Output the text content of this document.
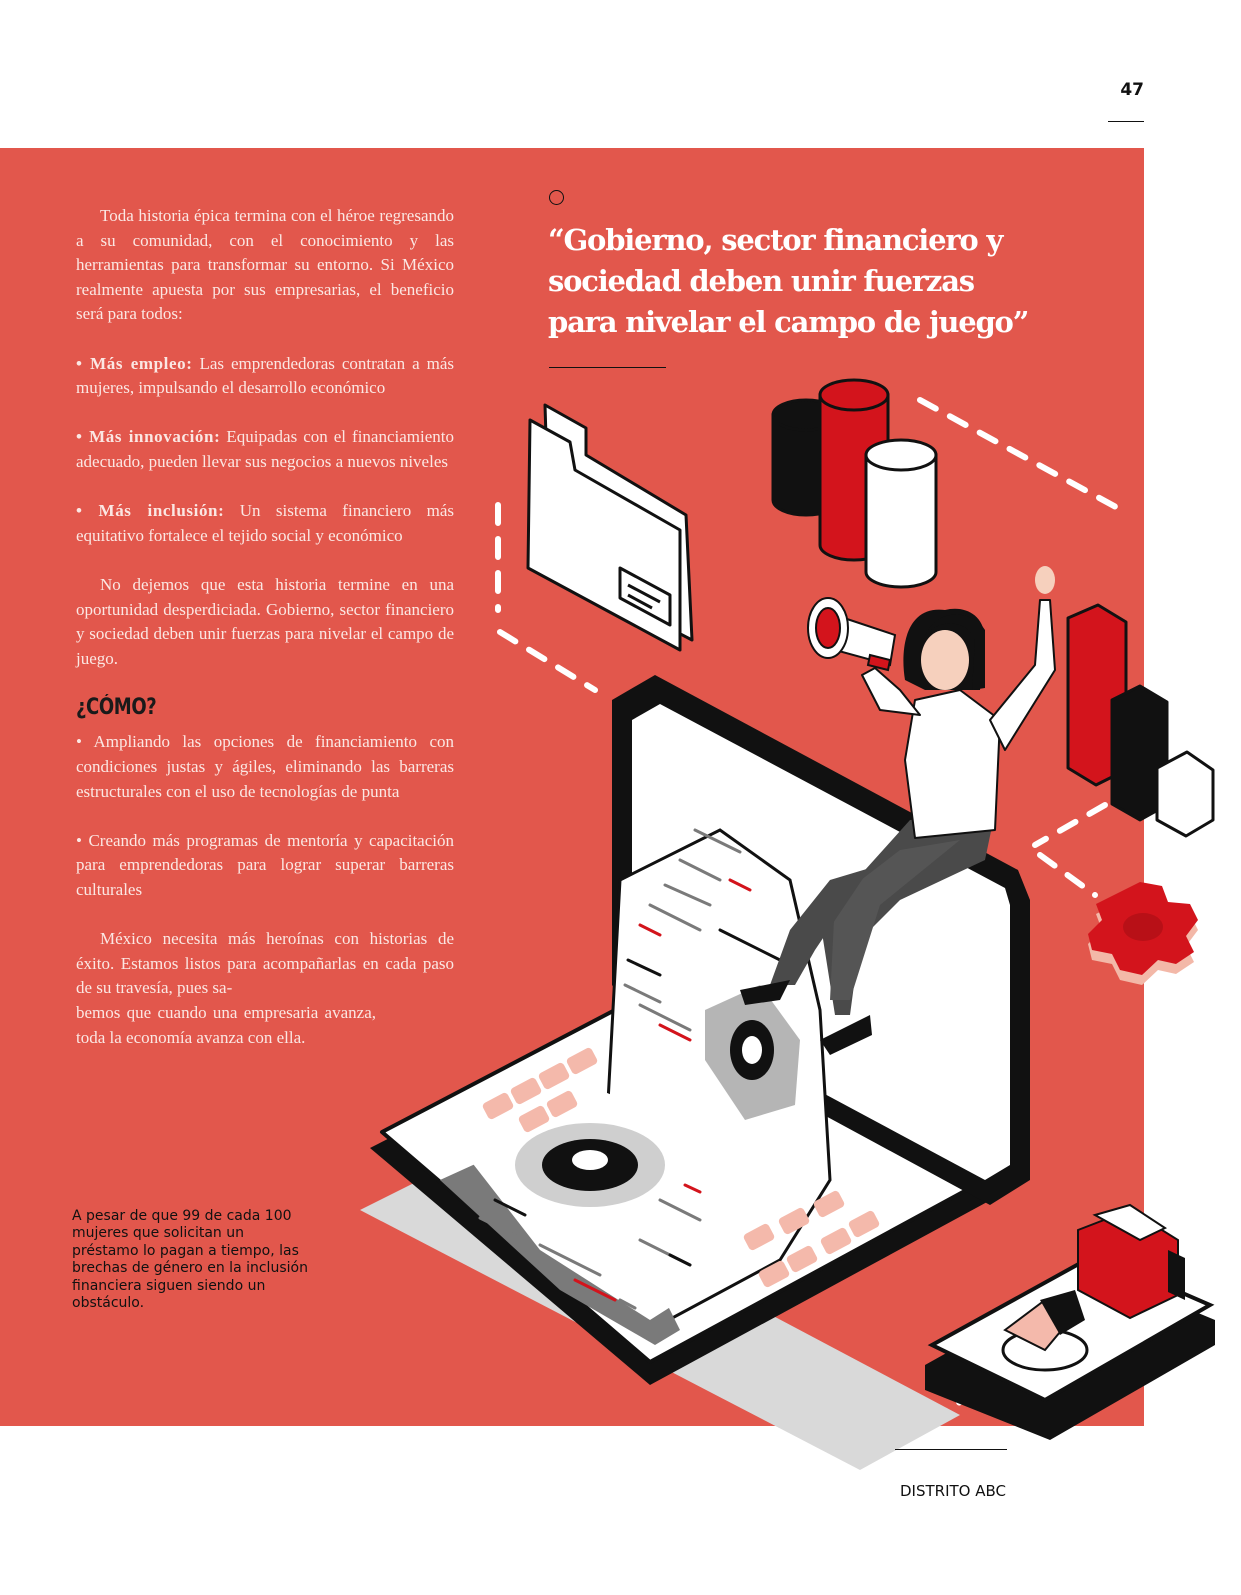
47
“Gobierno, sector financiero y sociedad deben unir fuerzas para nivelar el campo de juego”

Toda historia épica termina con el héroe regresando a su comunidad, con el conocimiento y las herramientas para transformar su entorno. Si México realmente apuesta por sus empresarias, el beneficio será para todos:

• Más empleo: Las emprendedoras contratan a más mujeres, impulsando el desarrollo económico

• Más innovación: Equipadas con el financiamiento adecuado, pueden llevar sus negocios a nuevos niveles

• Más inclusión: Un sistema financiero más equitativo fortalece el tejido social y económico

No dejemos que esta historia termine en una oportunidad desperdiciada. Gobierno, sector financiero y sociedad deben unir fuerzas para nivelar el campo de juego.

¿CÓMO?

• Ampliando las opciones de financiamiento con condiciones justas y ágiles, eliminando las barreras estructurales con el uso de tecnologías de punta

• Creando más programas de mentoría y capacitación para emprendedoras para lograr superar barreras culturales

México necesita más heroínas con historias de éxito. Estamos listos para acompañarlas en cada paso de su travesía, pues sa-

bemos que cuando una empresaria avanza, toda la economía avanza con ella.

A pesar de que 99 de cada 100 mujeres que solicitan un préstamo lo pagan a tiempo, las brechas de género en la inclusión financiera siguen siendo un obstáculo.
DISTRITO ABC
